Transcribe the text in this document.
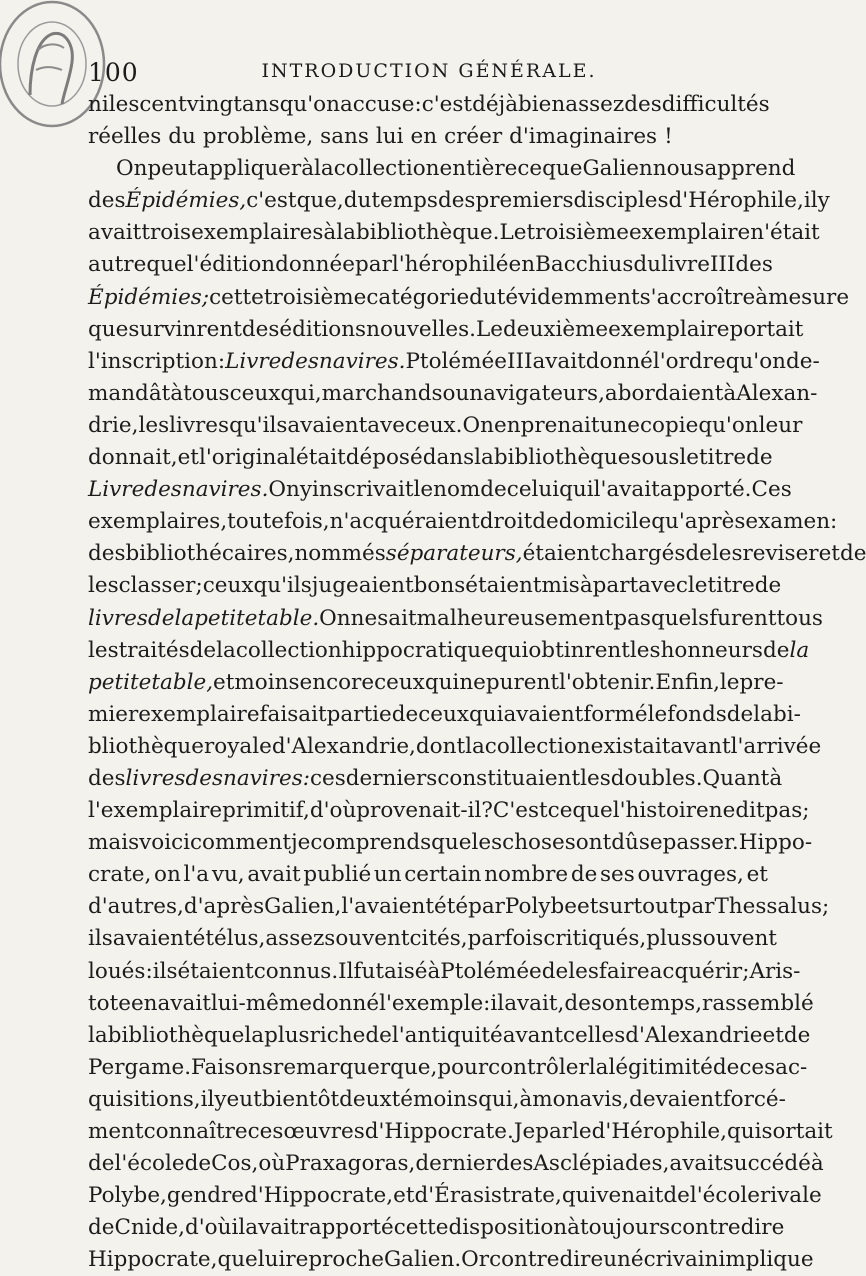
100	INTRODUCTION GÉNÉRALE.
ni les cent vingt ans qu'on accuse : c'est déjà bien assez des difficultés
réelles du problème, sans lui en créer d'imaginaires !
On peut appliquer à la collection entière ce que Galien nous apprend
des Épidémies, c'est que, du temps des premiers disciples d'Hérophile, il y
avait trois exemplaires à la bibliothèque. Le troisième exemplaire n'était
autre que l'édition donnée par l'hérophiléen Bacchius du livre III des
Épidémies; cette troisième catégorie dut évidemment s'accroître à mesure
que survinrent des éditions nouvelles. Le deuxième exemplaire portait
l'inscription : Livre des navires. Ptolémée III avait donné l'ordre qu'on de-
mandât à tous ceux qui, marchands ou navigateurs, abordaient à Alexan-
drie, les livres qu'ils avaient avec eux. On en prenait une copie qu'on leur
donnait, et l'original était déposé dans la bibliothèque sous le titre de
Livre des navires. On y inscrivait le nom de celui qui l'avait apporté. Ces
exemplaires, toutefois, n'acquéraient droit de domicile qu'après examen :
des bibliothécaires, nommés séparateurs, étaient chargés de les reviser et de
les classer; ceux qu'ils jugeaient bons étaient mis à part avec le titre de
livres de la petite table. On ne sait malheureusement pas quels furent tous
les traités de la collection hippocratique qui obtinrent les honneurs de la
petite table, et moins encore ceux qui ne purent l'obtenir. Enfin, le pre-
mier exemplaire faisait partie de ceux qui avaient formé le fonds de la bi-
bliothèque royale d'Alexandrie, dont la collection existait avant l'arrivée
des livres des navires : ces derniers constituaient les doubles. Quant à
l'exemplaire primitif, d'où provenait-il ? C'est ce que l'histoire ne dit pas;
mais voici comment je comprends que les choses ont dû se passer. Hippo-
crate, on l'a vu, avait publié un certain nombre de ses ouvrages, et
d'autres, d'après Galien, l'avaient été par Polybe et surtout par Thessalus;
ils avaient été lus, assez souvent cités, parfois critiqués, plus souvent
loués : ils étaient connus. Il fut aisé à Ptolémée de les faire acquérir; Aris-
tote en avait lui-même donné l'exemple : il avait, de son temps, rassemblé
la bibliothèque la plus riche de l'antiquité avant celles d'Alexandrie et de
Pergame. Faisons remarquer que, pour contrôler la légitimité de ces ac-
quisitions, il y eut bientôt deux témoins qui, à mon avis, devaient forcé-
ment connaître ces œuvres d'Hippocrate. Je parle d'Hérophile, qui sortait
de l'école de Cos, où Praxagoras, dernier des Asclépiades, avait succédé à
Polybe, gendre d'Hippocrate, et d'Érasistrate, qui venait de l'école rivale
de Cnide, d'où il avait rapporté cette disposition à toujours contredire
Hippocrate, que lui reproche Galien. Or contredire un écrivain implique
